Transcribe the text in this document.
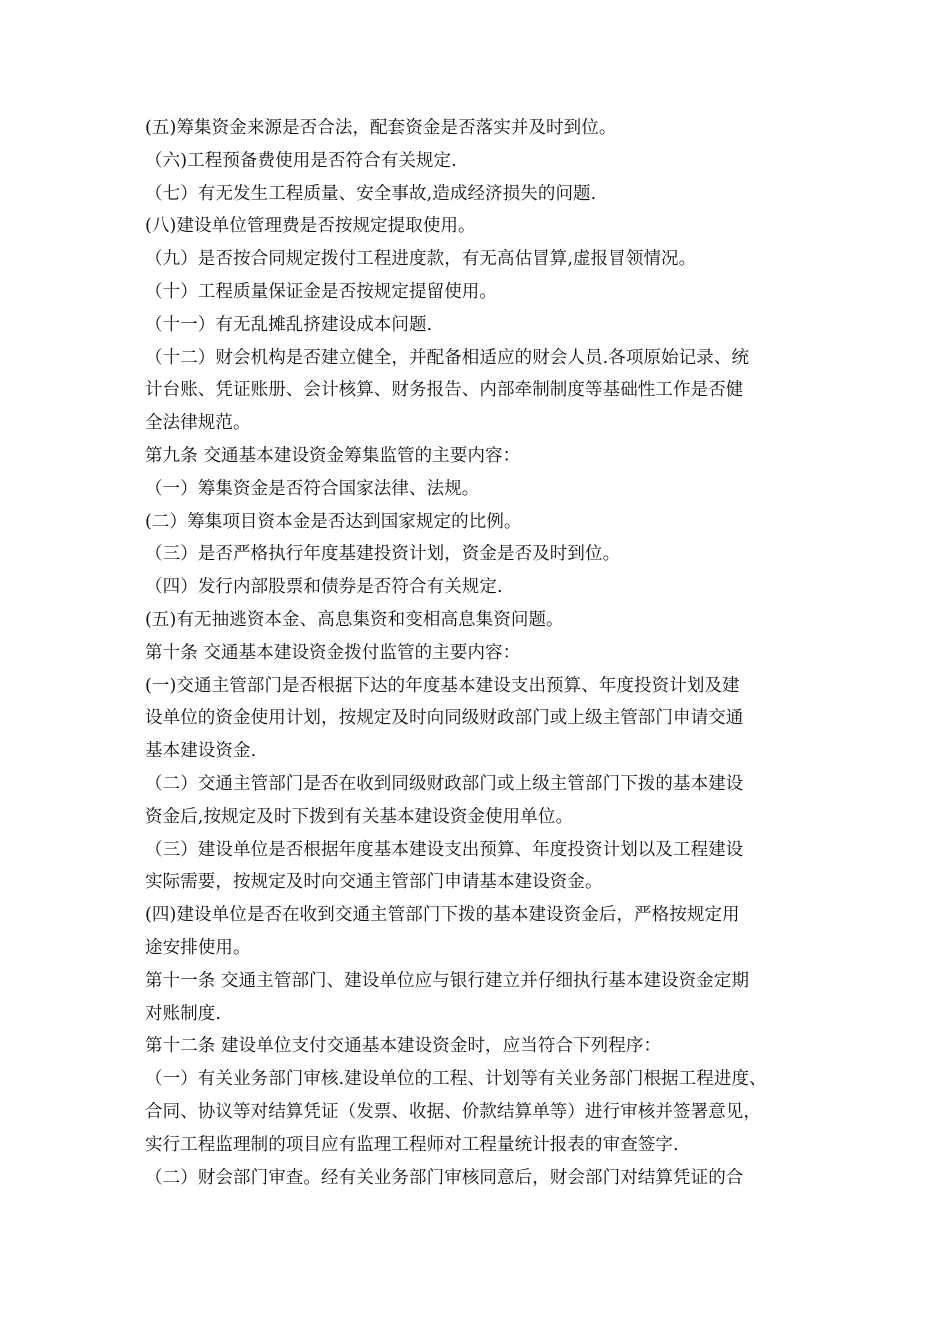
(五)筹集资金来源是否合法，配套资金是否落实并及时到位。
（六)工程预备费使用是否符合有关规定.
（七）有无发生工程质量、安全事故,造成经济损失的问题.
(八)建设单位管理费是否按规定提取使用。
（九）是否按合同规定拨付工程进度款，有无高估冒算,虚报冒领情况。
（十）工程质量保证金是否按规定提留使用。
（十一）有无乱摊乱挤建设成本问题.
（十二）财会机构是否建立健全，并配备相适应的财会人员.各项原始记录、统
计台账、凭证账册、会计核算、财务报告、内部牵制制度等基础性工作是否健
全法律规范。
第九条 交通基本建设资金筹集监管的主要内容：
（一）筹集资金是否符合国家法律、法规。
(二）筹集项目资本金是否达到国家规定的比例。
（三）是否严格执行年度基建投资计划，资金是否及时到位。
（四）发行内部股票和债券是否符合有关规定.
(五)有无抽逃资本金、高息集资和变相高息集资问题。
第十条 交通基本建设资金拨付监管的主要内容：
(一)交通主管部门是否根据下达的年度基本建设支出预算、年度投资计划及建
设单位的资金使用计划，按规定及时向同级财政部门或上级主管部门申请交通
基本建设资金.
（二）交通主管部门是否在收到同级财政部门或上级主管部门下拨的基本建设
资金后,按规定及时下拨到有关基本建设资金使用单位。
（三）建设单位是否根据年度基本建设支出预算、年度投资计划以及工程建设
实际需要，按规定及时向交通主管部门申请基本建设资金。
(四)建设单位是否在收到交通主管部门下拨的基本建设资金后，严格按规定用
途安排使用。
第十一条 交通主管部门、建设单位应与银行建立并仔细执行基本建设资金定期
对账制度.
第十二条 建设单位支付交通基本建设资金时，应当符合下列程序：
（一）有关业务部门审核.建设单位的工程、计划等有关业务部门根据工程进度、
合同、协议等对结算凭证（发票、收据、价款结算单等）进行审核并签署意见，
实行工程监理制的项目应有监理工程师对工程量统计报表的审查签字.
（二）财会部门审查。经有关业务部门审核同意后，财会部门对结算凭证的合
